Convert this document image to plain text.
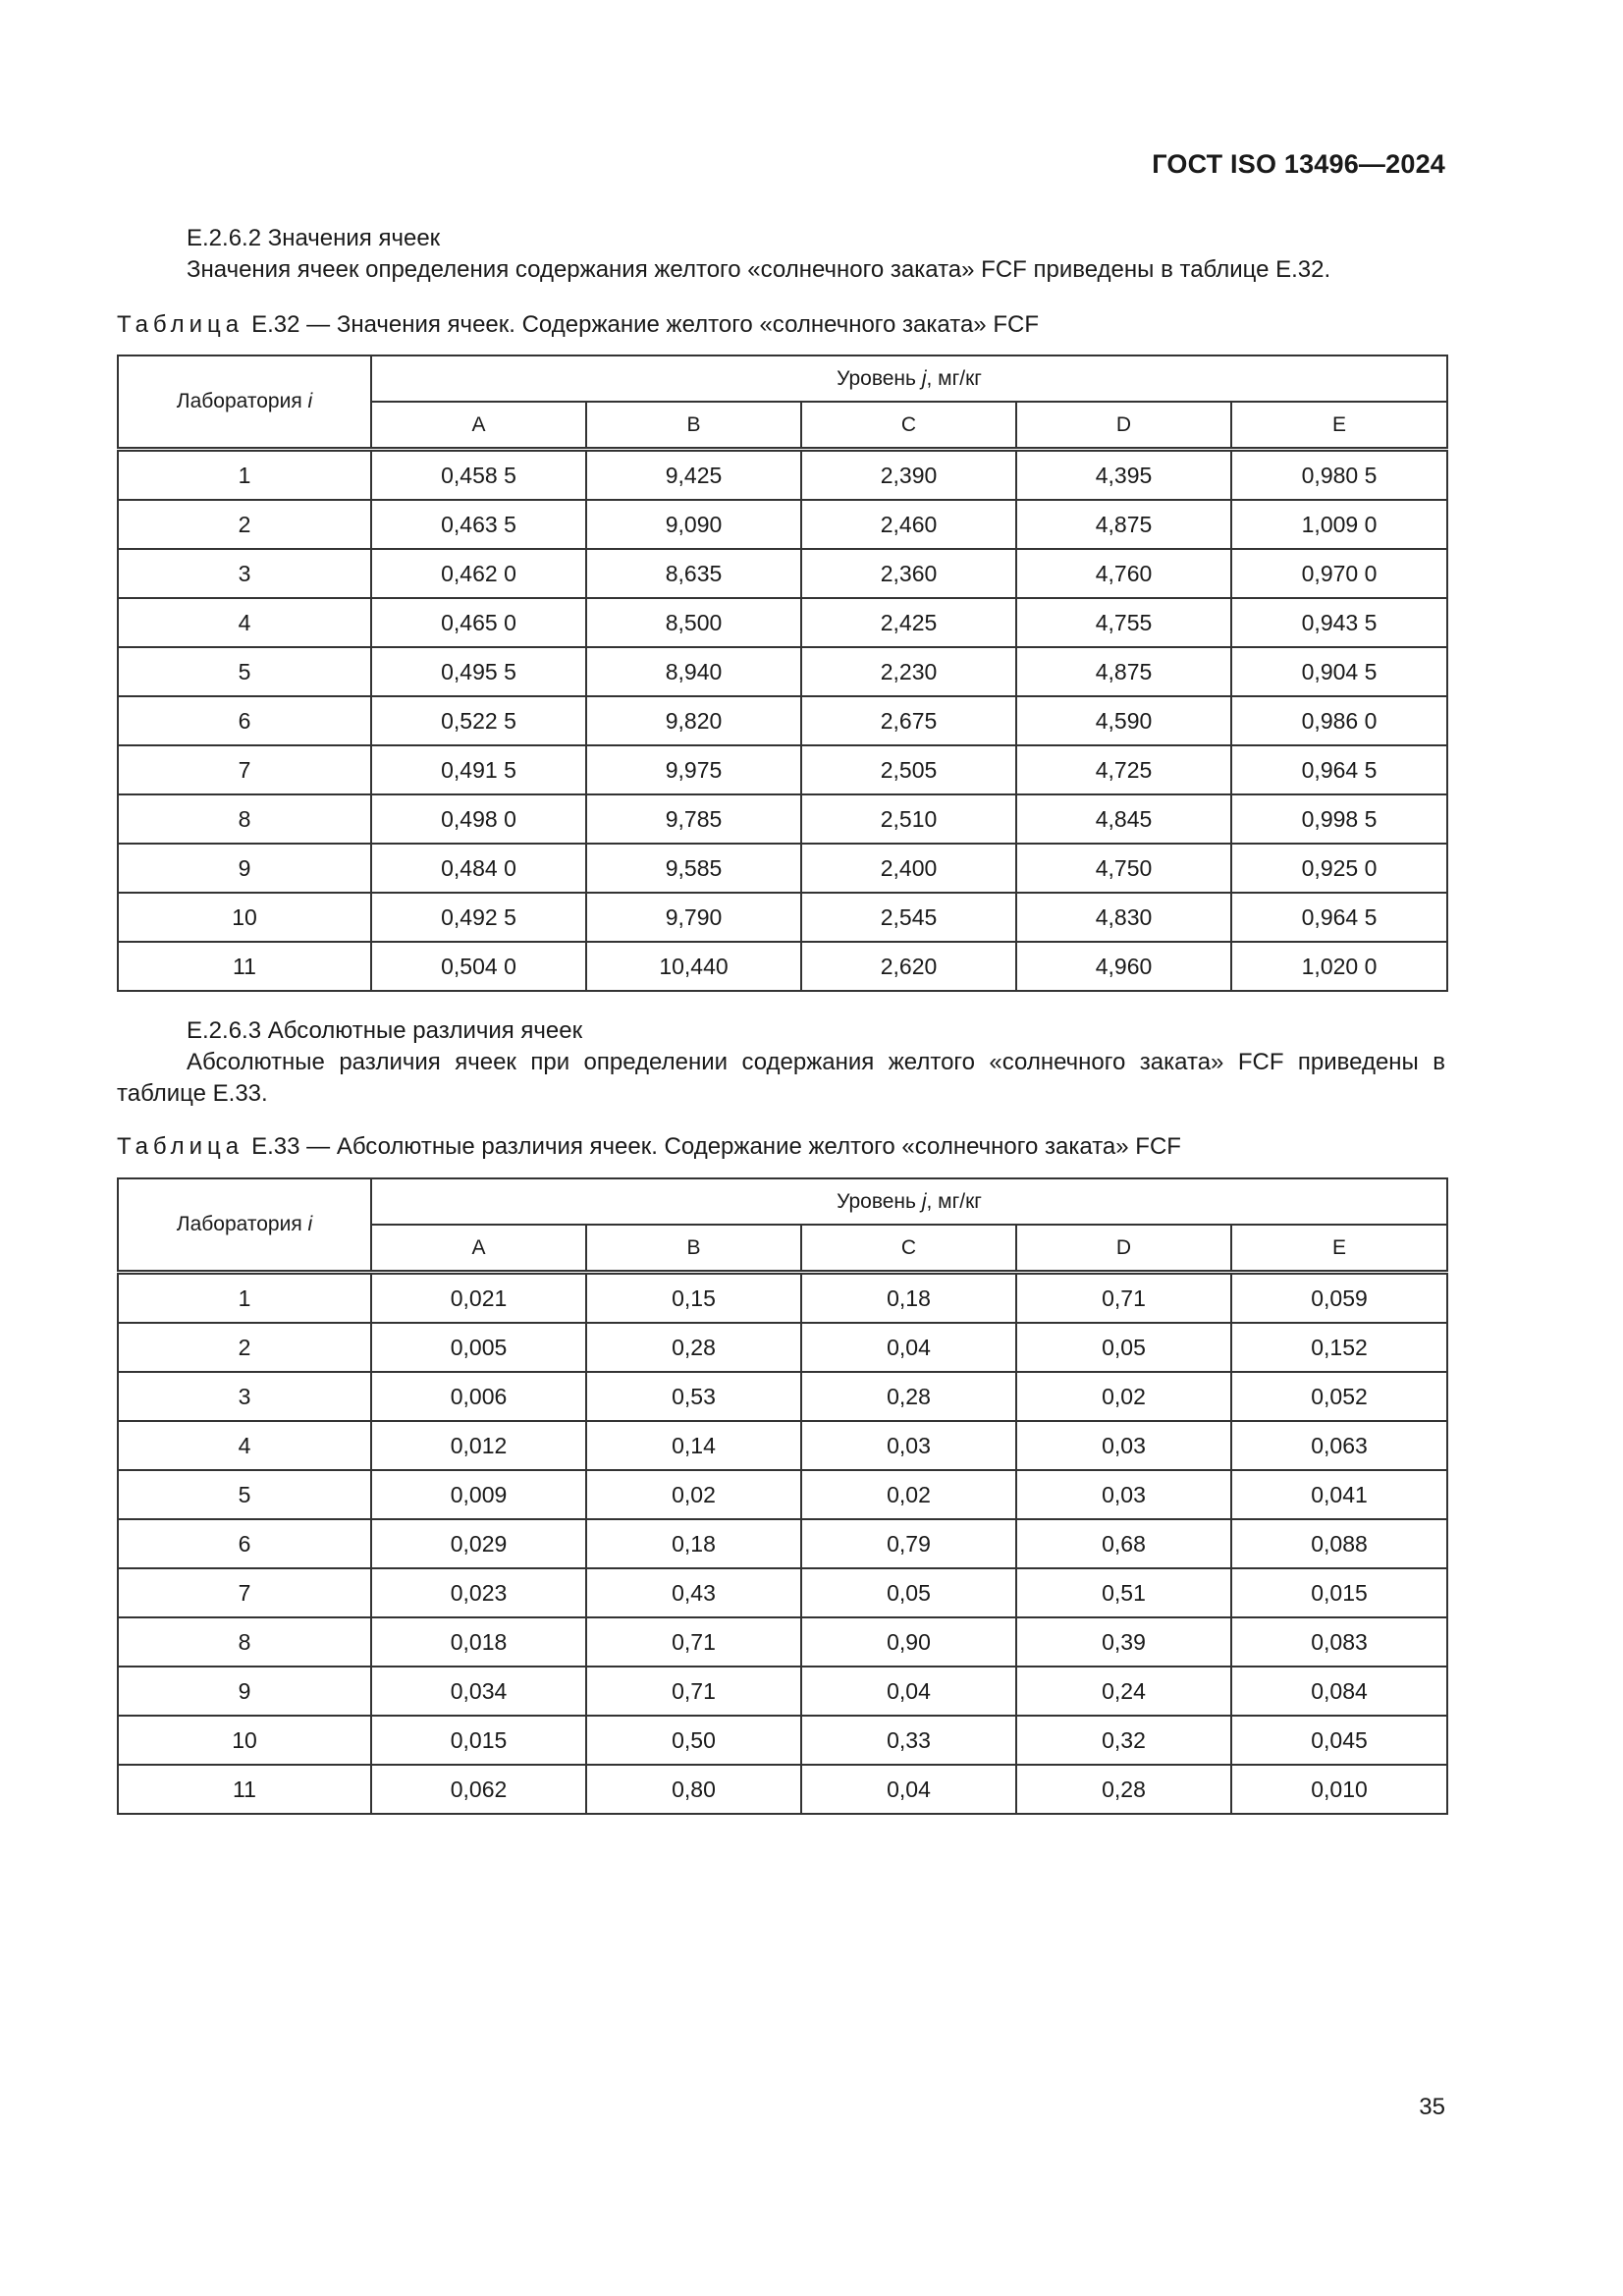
ГОСТ ISO 13496—2024

E.2.6.2 Значения ячеек

Значения ячеек определения содержания желтого «солнечного заката» FCF приведены в таблице E.32.

Таблица E.32 — Значения ячеек. Содержание желтого «солнечного заката» FCF
Лаборатория i	Уровень j, мг/кг				
	A	B	C	D	E
1	0,458 5	9,425	2,390	4,395	0,980 5
2	0,463 5	9,090	2,460	4,875	1,009 0
3	0,462 0	8,635	2,360	4,760	0,970 0
4	0,465 0	8,500	2,425	4,755	0,943 5
5	0,495 5	8,940	2,230	4,875	0,904 5
6	0,522 5	9,820	2,675	4,590	0,986 0
7	0,491 5	9,975	2,505	4,725	0,964 5
8	0,498 0	9,785	2,510	4,845	0,998 5
9	0,484 0	9,585	2,400	4,750	0,925 0
10	0,492 5	9,790	2,545	4,830	0,964 5
11	0,504 0	10,440	2,620	4,960	1,020 0

E.2.6.3 Абсолютные различия ячеек

Абсолютные различия ячеек при определении содержания желтого «солнечного заката» FCF приведены в таблице E.33.

Таблица E.33 — Абсолютные различия ячеек. Содержание желтого «солнечного заката» FCF
Лаборатория i	Уровень j, мг/кг				
	A	B	C	D	E
1	0,021	0,15	0,18	0,71	0,059
2	0,005	0,28	0,04	0,05	0,152
3	0,006	0,53	0,28	0,02	0,052
4	0,012	0,14	0,03	0,03	0,063
5	0,009	0,02	0,02	0,03	0,041
6	0,029	0,18	0,79	0,68	0,088
7	0,023	0,43	0,05	0,51	0,015
8	0,018	0,71	0,90	0,39	0,083
9	0,034	0,71	0,04	0,24	0,084
10	0,015	0,50	0,33	0,32	0,045
11	0,062	0,80	0,04	0,28	0,010
35
